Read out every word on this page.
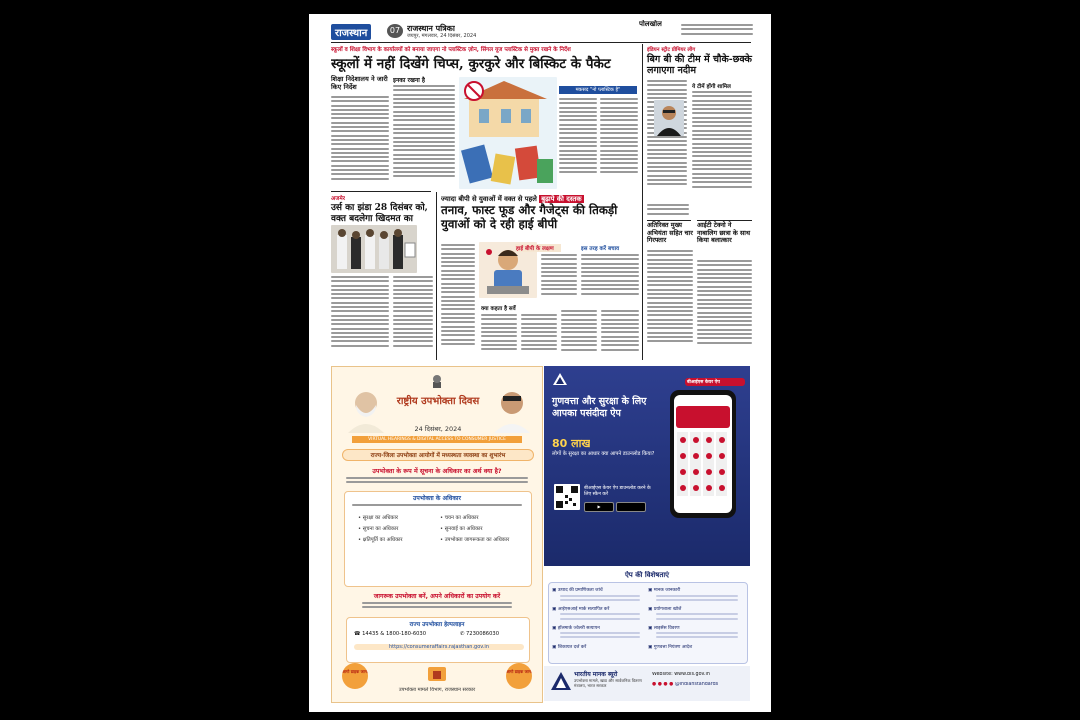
राजस्थान	07 राजस्थान पत्रिका
जयपुर, मंगलवार, 24 दिसंबर, 2024
पोलखोल
स्कूलों व शिक्षा विभाग के कार्यालयों को बनाया जाएगा नो प्लास्टिक ज़ोन, सिंगल यूज प्लास्टिक से मुक्त रखने के निर्देश
स्कूलों में नहीं दिखेंगे चिप्स, कुरकुरे और बिस्किट के पैकेट
शिक्षा निदेशालय ने जारी किए निर्देश
इनका रखना है
मकसद "नो प्लास्टिक है"
अजमेर
उर्स का झंडा 28 दिसंबर को, वक्त बदलेगा खिदमत का
ज्यादा बीपी से युवाओं में वक्त से पहले बुढ़ापे की दस्तक
तनाव, फास्ट फूड और गैजेट्स की तिकड़ी युवाओं को दे रही हाई बीपी
हाई बीपी के लक्षण	इस तरह करें बचाव
क्या कहता है सर्वे
इंडियन स्ट्रीट प्रीमियर लीग
बिग बी की टीम में चौके-छक्के लगाएगा नदीम
ये टीमें होंगी शामिल
अतिरिक्त मुख्य अभियंता सहित चार गिरफ्तार
आईटी टेक्नो ने नाबालिग छात्रा के साथ किया बलात्कार
राष्ट्रीय उपभोक्ता दिवस
24 दिसंबर, 2024
VIRTUAL HEARINGS & DIGITAL ACCESS TO CONSUMER JUSTICE
राज्य-जिला उपभोक्ता आयोगों में मध्यस्थता व्यवस्था का शुभारंभ
उपभोक्ता के रूप में सूचना के अधिकार का अर्थ क्या है?
उपभोक्ता के अधिकार
• सुरक्षा का अधिकार	• चयन का अधिकार
• सूचना का अधिकार	• सुनवाई का अधिकार
• क्षतिपूर्ति का अधिकार	• उपभोक्ता जागरूकता का अधिकार
जागरूक उपभोक्ता बनें, अपने अधिकारों का उपयोग करें
राज्य उपभोक्ता हेल्पलाइन
☎ 14435 & 1800-180-6030	✆ 7230086030
https://consumeraffairs.rajasthan.gov.in
जागो ग्राहक जागो	जागो ग्राहक जागो
उपभोक्ता मामले विभाग, राजस्थान सरकार
गुणवत्ता और सुरक्षा के लिए आपका पसंदीदा ऐप
80 लाख
लोगों के सुरक्षा का आधार क्या आपने डाउनलोड किया?
बीआईएस केयर ऐप डाउनलोड करने के लिए स्कैन करें
▶
बीआईएस केयर ऐप
ऐप की विशेषताएं
▣ उत्पाद की प्रमाणिकता जांचें
▣ आईएसआई मार्क सत्यापित करें
▣ हॉलमार्क ज्वेलरी सत्यापन
▣ शिकायत दर्ज करें
▣ मानक जानकारी
▣ प्रयोगशाला खोजें
▣ लाइसेंस विवरण
▣ गुणवत्ता नियंत्रण आदेश
भारतीय मानक ब्यूरो
उपभोक्ता मामले, खाद्य और सार्वजनिक वितरण मंत्रालय, भारत सरकार
Website: www.bis.gov.in
● ● ● ● @indianstandards
